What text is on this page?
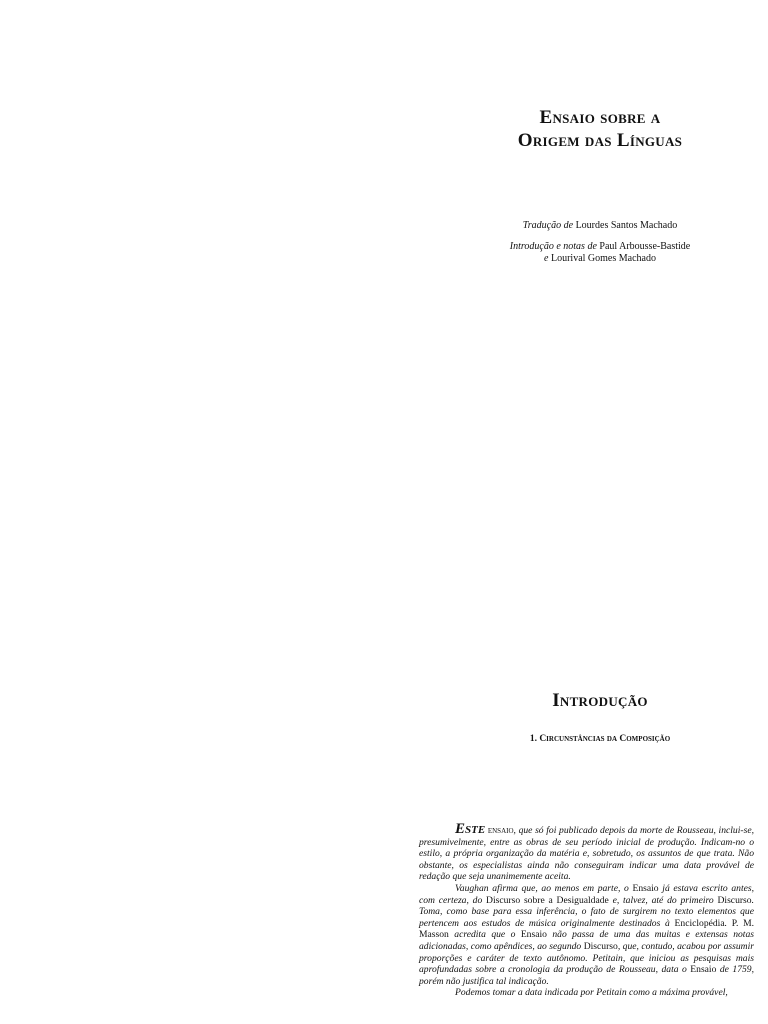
Ensaio sobre a
Origem das Línguas
Tradução de Lourdes Santos Machado
Introdução e notas de Paul Arbousse-Bastide
e Lourival Gomes Machado
Introdução
1. Circunstâncias da Composição

Este ensaio, que só foi publicado depois da morte de Rousseau, inclui-se, presumivelmente, entre as obras de seu período inicial de produção. Indicam-no o estilo, a própria organização da matéria e, sobretudo, os assuntos de que trata. Não obstante, os especialistas ainda não conseguiram indicar uma data provável de redação que seja unanimemente aceita.

Vaughan afirma que, ao menos em parte, o Ensaio já estava escrito antes, com certeza, do Discurso sobre a Desigualdade e, talvez, até do primeiro Discurso. Toma, como base para essa inferência, o fato de surgirem no texto elementos que pertencem aos estudos de música originalmente destinados à Enciclopédia. P. M. Masson acredita que o Ensaio não passa de uma das muitas e extensas notas adicionadas, como apêndices, ao segundo Discurso, que, contudo, acabou por assumir proporções e caráter de texto autônomo. Petitain, que iniciou as pesquisas mais aprofundadas sobre a cronologia da produção de Rousseau, data o Ensaio de 1759, porém não justifica tal indicação.

Podemos tomar a data indicada por Petitain como a máxima provável,
